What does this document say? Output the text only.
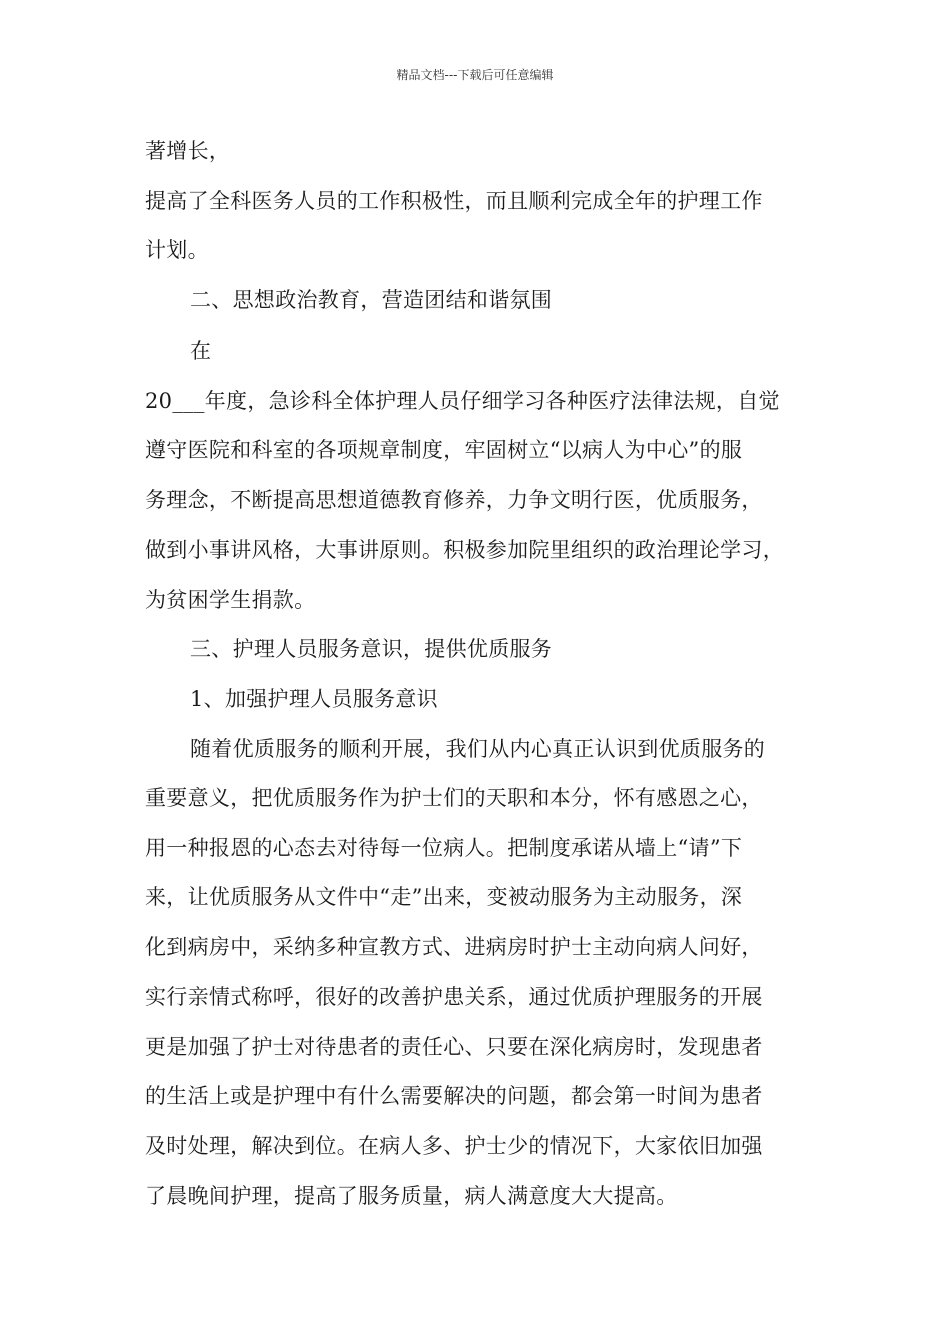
精品文档---下载后可任意编辑
著增长，
提高了全科医务人员的工作积极性，而且顺利完成全年的护理工作
计划。
二、思想政治教育，营造团结和谐氛围
在
20___年度，急诊科全体护理人员仔细学习各种医疗法律法规，自觉
遵守医院和科室的各项规章制度，牢固树立“以病人为中心”的服
务理念，不断提高思想道德教育修养，力争文明行医，优质服务，
做到小事讲风格，大事讲原则。积极参加院里组织的政治理论学习，
为贫困学生捐款。
三、护理人员服务意识，提供优质服务
1、加强护理人员服务意识
随着优质服务的顺利开展，我们从内心真正认识到优质服务的
重要意义，把优质服务作为护士们的天职和本分，怀有感恩之心，
用一种报恩的心态去对待每一位病人。把制度承诺从墙上“请”下
来，让优质服务从文件中“走”出来，变被动服务为主动服务，深
化到病房中，采纳多种宣教方式、进病房时护士主动向病人问好，
实行亲情式称呼，很好的改善护患关系，通过优质护理服务的开展
更是加强了护士对待患者的责任心、只要在深化病房时，发现患者
的生活上或是护理中有什么需要解决的问题，都会第一时间为患者
及时处理，解决到位。在病人多、护士少的情况下，大家依旧加强
了晨晚间护理，提高了服务质量，病人满意度大大提高。
